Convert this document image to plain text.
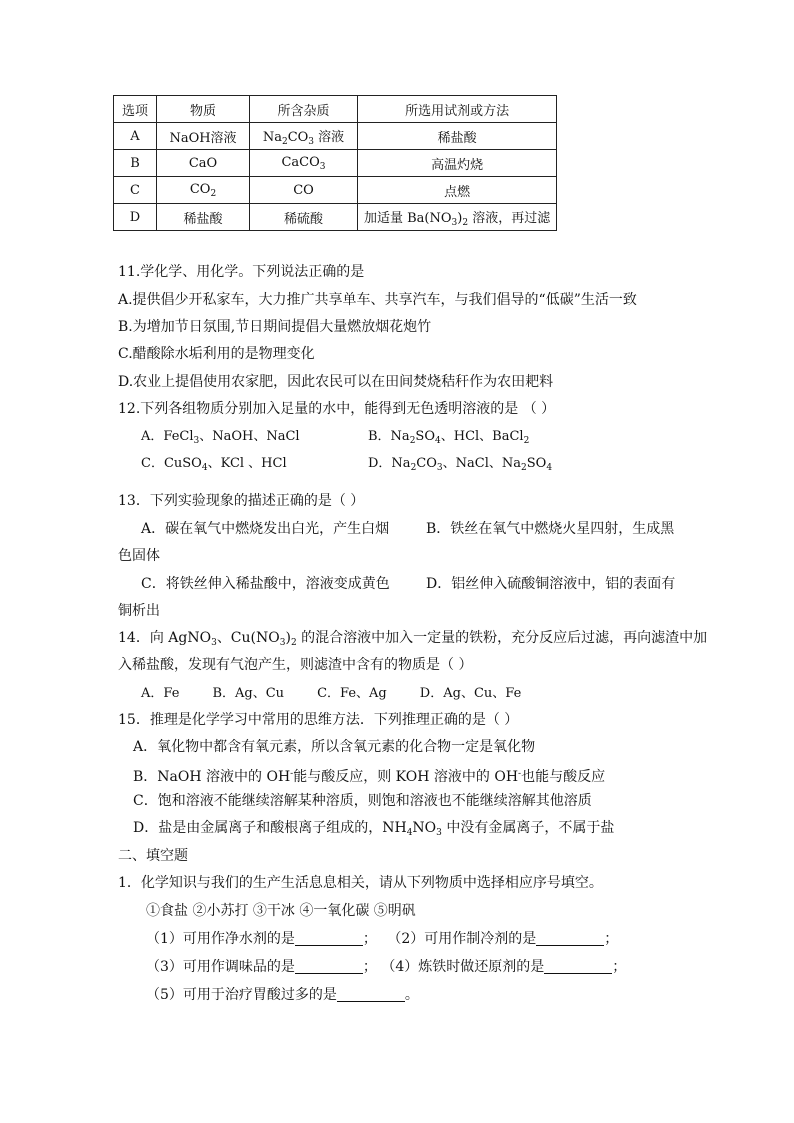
选项	物质	所含杂质	所选用试剂或方法
A	NaOH溶液	$Na_2CO_3$ 溶液	稀盐酸
B	CaO	CaCO$_3$	高温灼烧
C	$CO_2$	CO	点燃
D	稀盐酸	稀硫酸	加适量 $Ba(NO_3)_2$ 溶液，再过滤
11.学化学、用化学。下列说法正确的是
A.提供倡少开私家车，大力推广共享单车、共享汽车，与我们倡导的“低碳”生活一致
B.为增加节日氛围,节日期间提倡大量燃放烟花炮竹
C.醋酸除水垢利用的是物理变化
D.农业上提倡使用农家肥，因此农民可以在田间焚烧秸秆作为农田耙料
12.下列各组物质分别加入足量的水中，能得到无色透明溶液的是 （ ）
A．FeCl$_3$、NaOH、NaCl	B．$Na_2SO_4$、HCl、BaCl$_2$
C．CuSO$_4$、KCl 、HCl	D．$Na_2CO_3$、NaCl、$Na_2SO_4$
13．下列实验现象的描述正确的是（ ）
A．碳在氧气中燃烧发出白光，产生白烟	B．铁丝在氧气中燃烧火星四射，生成黑
色固体
C．将铁丝伸入稀盐酸中，溶液变成黄色	D．铝丝伸入硫酸铜溶液中，铝的表面有
铜析出
14．向 AgNO$_3$、$Cu(NO_3)_2$ 的混合溶液中加入一定量的铁粉，充分反应后过滤，再向滤渣中加
入稀盐酸，发现有气泡产生，则滤渣中含有的物质是（ ）
A．Fe        B．Ag、Cu        C．Fe、Ag        D．Ag、Cu、Fe
15．推理是化学学习中常用的思维方法．下列推理正确的是（ ）
A．氧化物中都含有氧元素，所以含氧元素的化合物一定是氧化物
B．NaOH 溶液中的 OH-能与酸反应，则 KOH 溶液中的 OH-也能与酸反应
C．饱和溶液不能继续溶解某种溶质，则饱和溶液也不能继续溶解其他溶质
D．盐是由金属离子和酸根离子组成的，$NH_4NO_3$ 中没有金属离子，不属于盐
二、填空题
1．化学知识与我们的生产生活息息相关，请从下列物质中选择相应序号填空。
①食盐 ②小苏打 ③干冰 ④一氧化碳 ⑤明矾
（1）可用作净水剂的是	； （2）可用作制冷剂的是	；
（3）可用作调味品的是	； （4）炼铁时做还原剂的是	；
（5）可用于治疗胃酸过多的是	。
